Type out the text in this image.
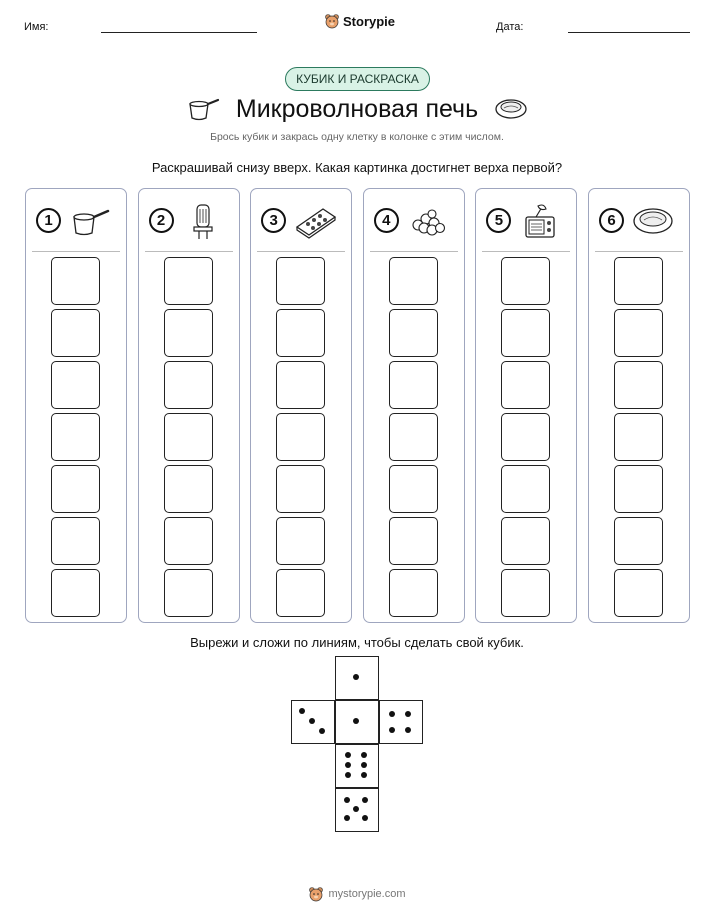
Имя:	Storypie	Дата:
КУБИК И РАСКРАСКА
Микроволновая печь
Брось кубик и закрась одну клетку в колонке с этим числом.
Раскрашивай снизу вверх. Какая картинка достигнет верха первой?
1	2	3	4	5	6
Вырежи и сложи по линиям, чтобы сделать свой кубик.
mystorypie.com
